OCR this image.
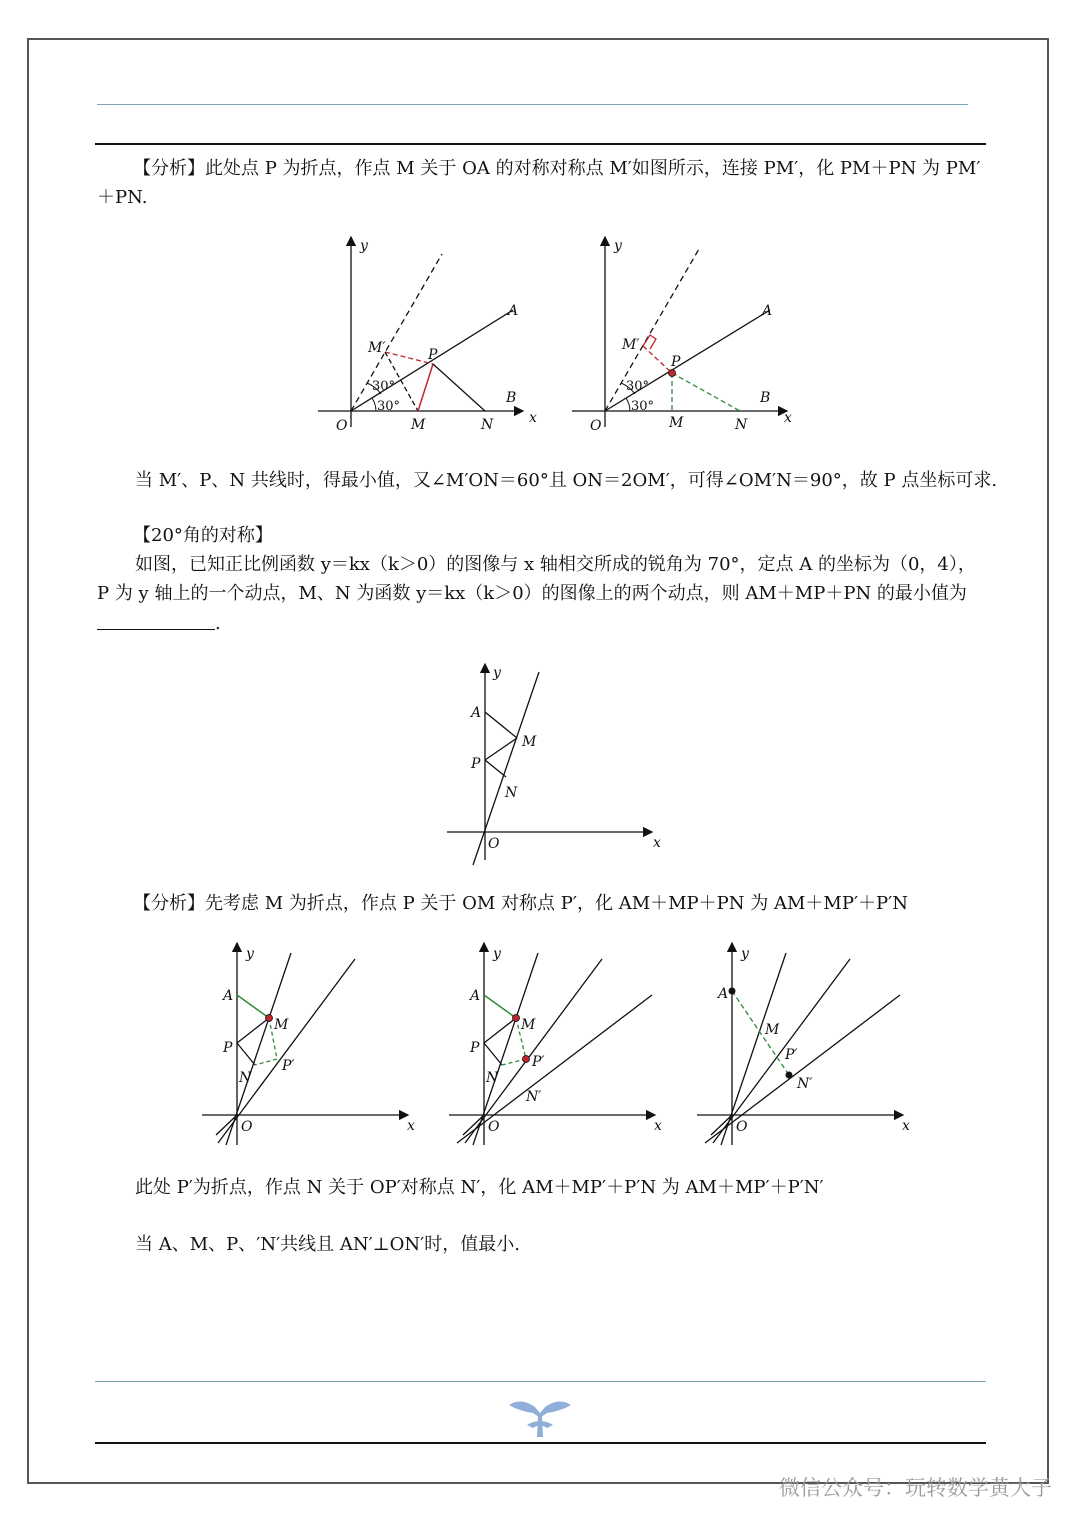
【分析】此处点 P 为折点，作点 M 关于 OA 的对称对称点 M′如图所示，连接 PM′，化 PM＋PN 为 PM′
＋PN.
y
x
O
A
B
M	N
P
M′
30°
30°
y
x
O
A
B
M	N
P
M′
30°
30°
当 M′、P、N 共线时，得最小值，又∠M′ON＝60°且 ON＝2OM′，可得∠OM′N＝90°，故 P 点坐标可求.
【20°角的对称】
如图，已知正比例函数 y＝kx（k＞0）的图像与 x 轴相交所成的锐角为 70°，定点 A 的坐标为（0，4），
P 为 y 轴上的一个动点，M、N 为函数 y＝kx（k＞0）的图像上的两个动点，则 AM＋MP＋PN 的最小值为
.
y
x
O
A
M
P
N
【分析】先考虑 M 为折点，作点 P 关于 OM 对称点 P′，化 AM＋MP＋PN 为 AM＋MP′＋P′N
y
x
O
A
M
P
N
P′
y
x
O
A
M
P
N
P′
N′
y
x
O
A
M
P′
N′
此处 P′为折点，作点 N 关于 OP′对称点 N′，化 AM＋MP′＋P′N 为 AM＋MP′＋P′N′
当 A、M、P、′N′共线且 AN′⊥ON′时，值最小.
微信公众号：玩转数学黄大子
